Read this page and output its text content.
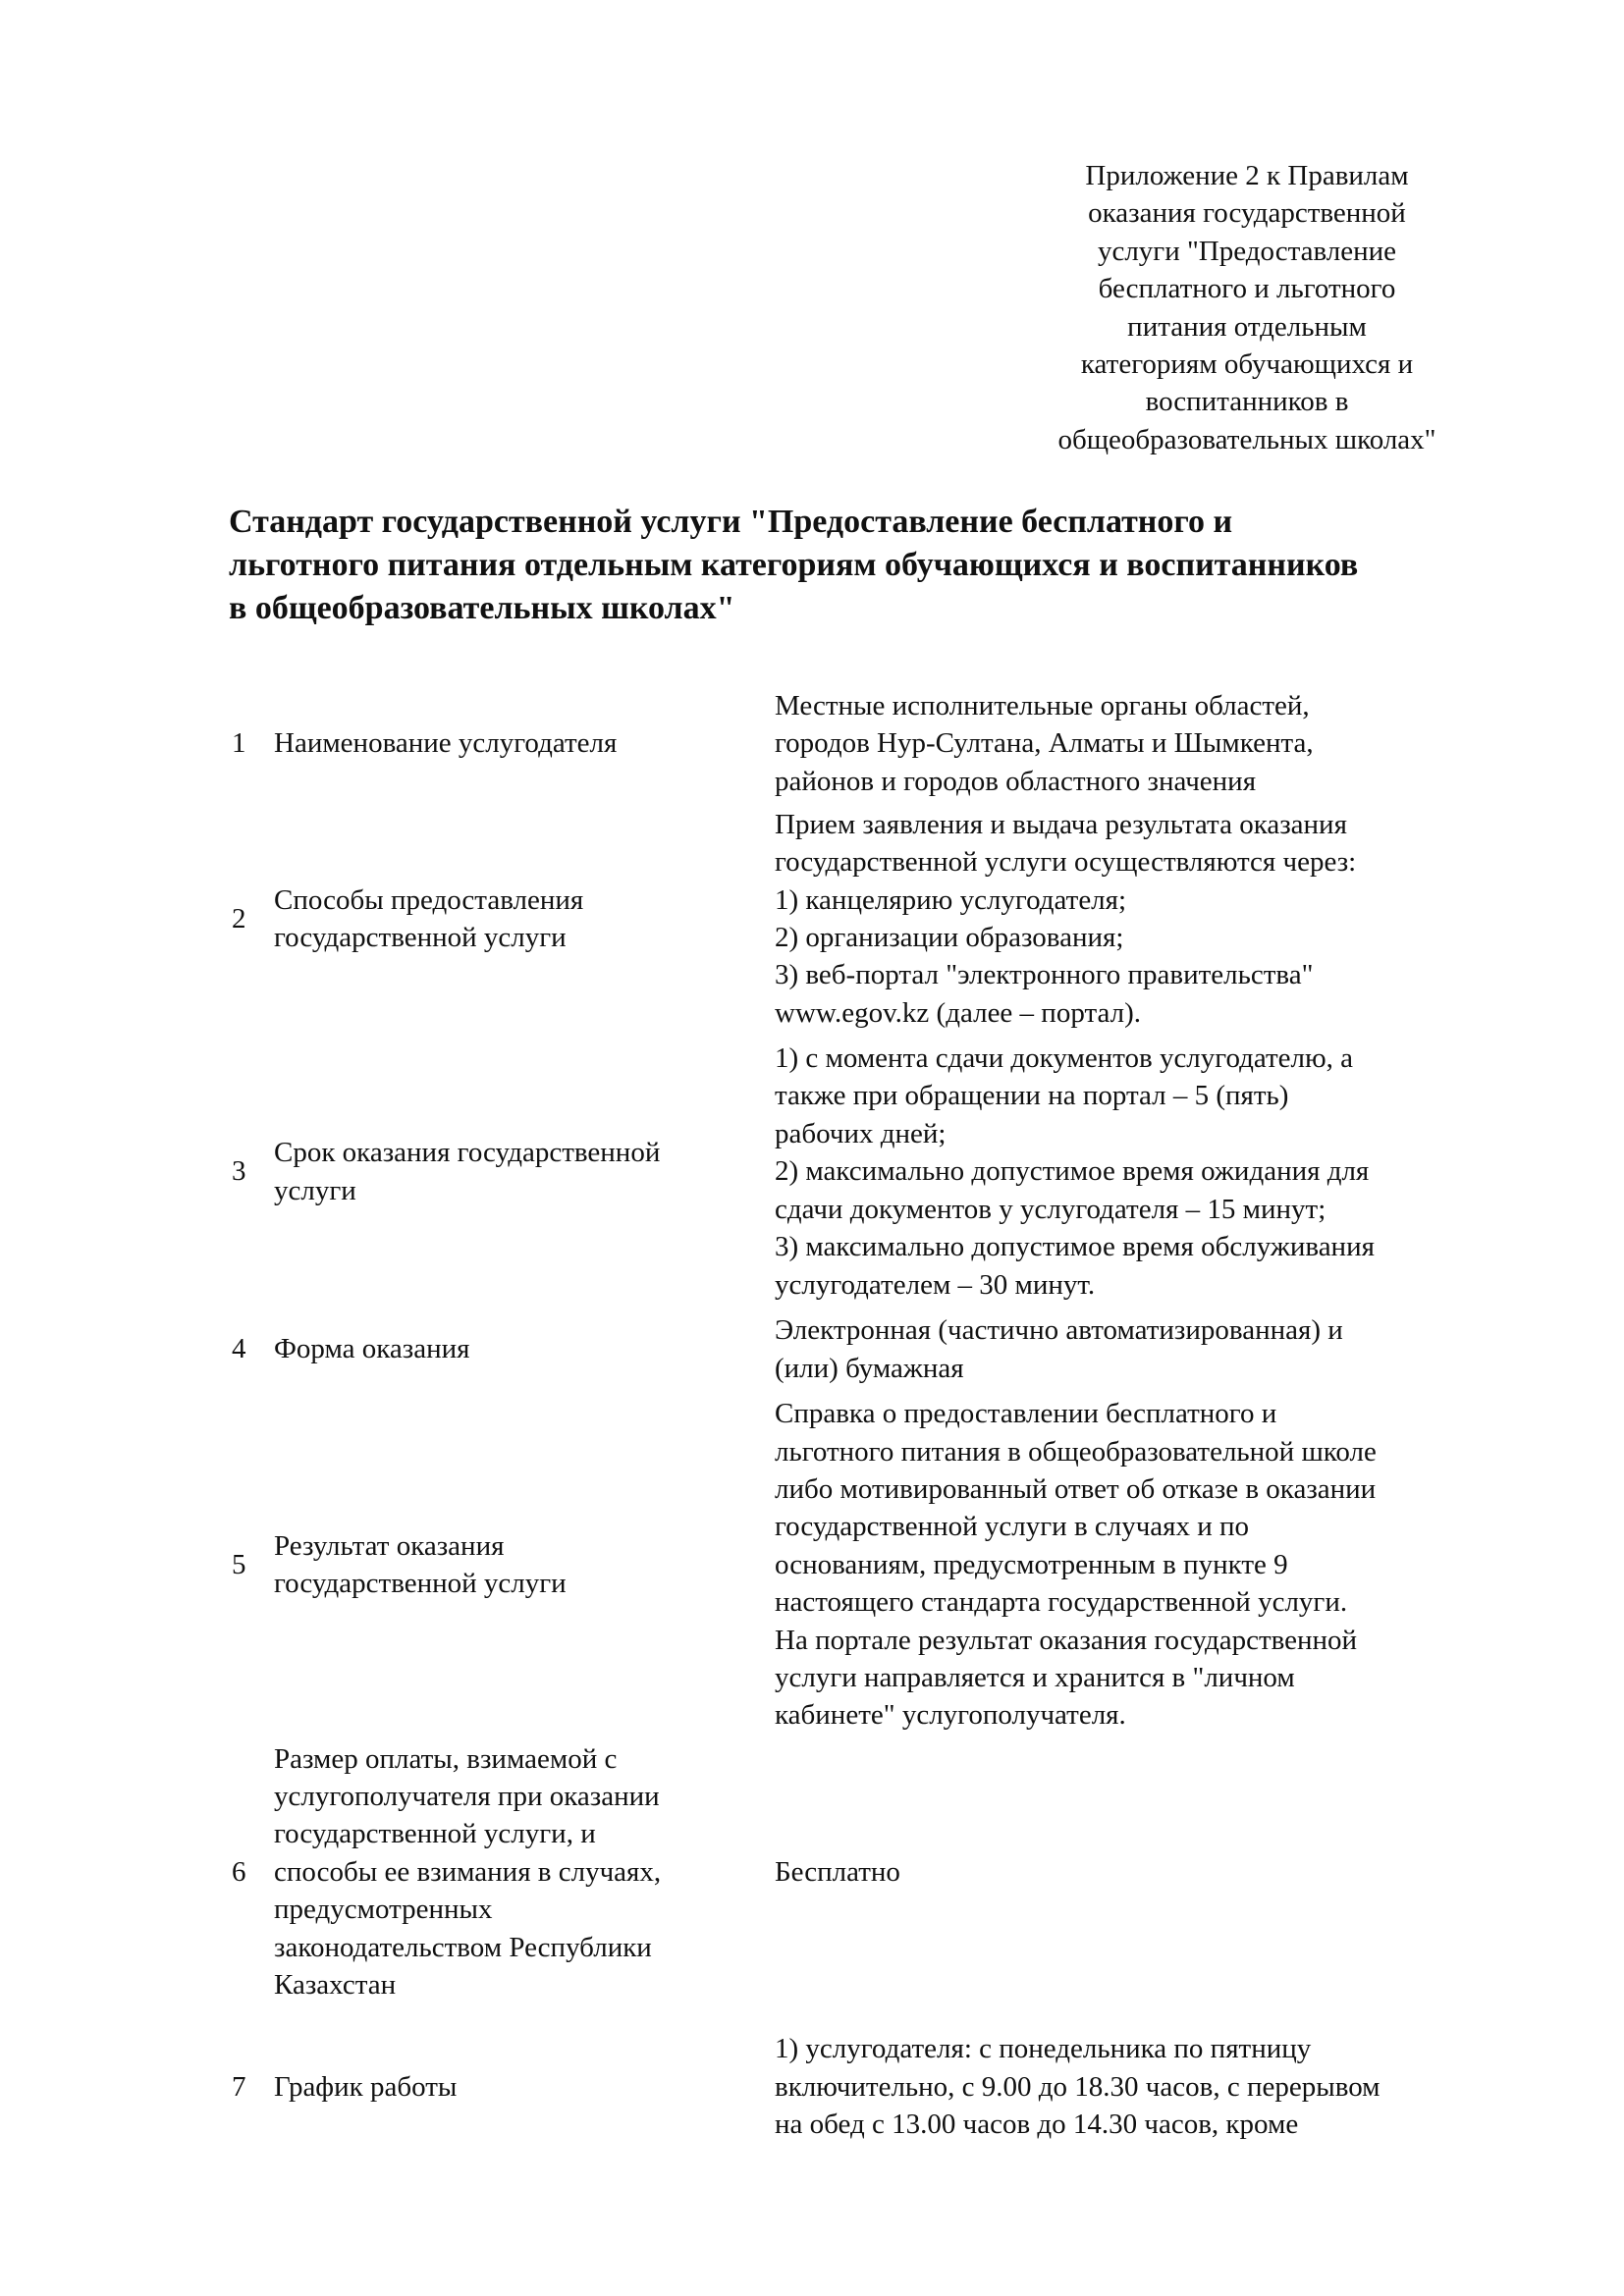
Приложение 2 к Правилам
оказания государственной
услуги "Предоставление
бесплатного и льготного
питания отдельным
категориям обучающихся и
воспитанников в
общеобразовательных школах"
Стандарт государственной услуги "Предоставление бесплатного и
льготного питания отдельным категориям обучающихся и воспитанников
в общеобразовательных школах"
1 Наименование услугодателя
Местные исполнительные органы областей,
городов Нур-Султана, Алматы и Шымкента,
районов и городов областного значения
2
Способы предоставления
государственной услуги
Прием заявления и выдача результата оказания
государственной услуги осуществляются через:
1) канцелярию услугодателя;
2) организации образования;
3) веб-портал "электронного правительства"
www.egov.kz (далее – портал).
3
Срок оказания государственной
услуги
1) с момента сдачи документов услугодателю, а
также при обращении на портал – 5 (пять)
рабочих дней;
2) максимально допустимое время ожидания для
сдачи документов у услугодателя – 15 минут;
3) максимально допустимое время обслуживания
услугодателем – 30 минут.
4 Форма оказания
Электронная (частично автоматизированная) и
(или) бумажная
5
Результат оказания
государственной услуги
Справка о предоставлении бесплатного и
льготного питания в общеобразовательной школе
либо мотивированный ответ об отказе в оказании
государственной услуги в случаях и по
основаниям, предусмотренным в пункте 9
настоящего стандарта государственной услуги.
На портале результат оказания государственной
услуги направляется и хранится в "личном
кабинете" услугополучателя.
6
Размер оплаты, взимаемой с
услугополучателя при оказании
государственной услуги, и
способы ее взимания в случаях,
предусмотренных
законодательством Республики
Казахстан
Бесплатно
7 График работы
1) услугодателя: с понедельника по пятницу
включительно, с 9.00 до 18.30 часов, с перерывом
на обед с 13.00 часов до 14.30 часов, кроме
